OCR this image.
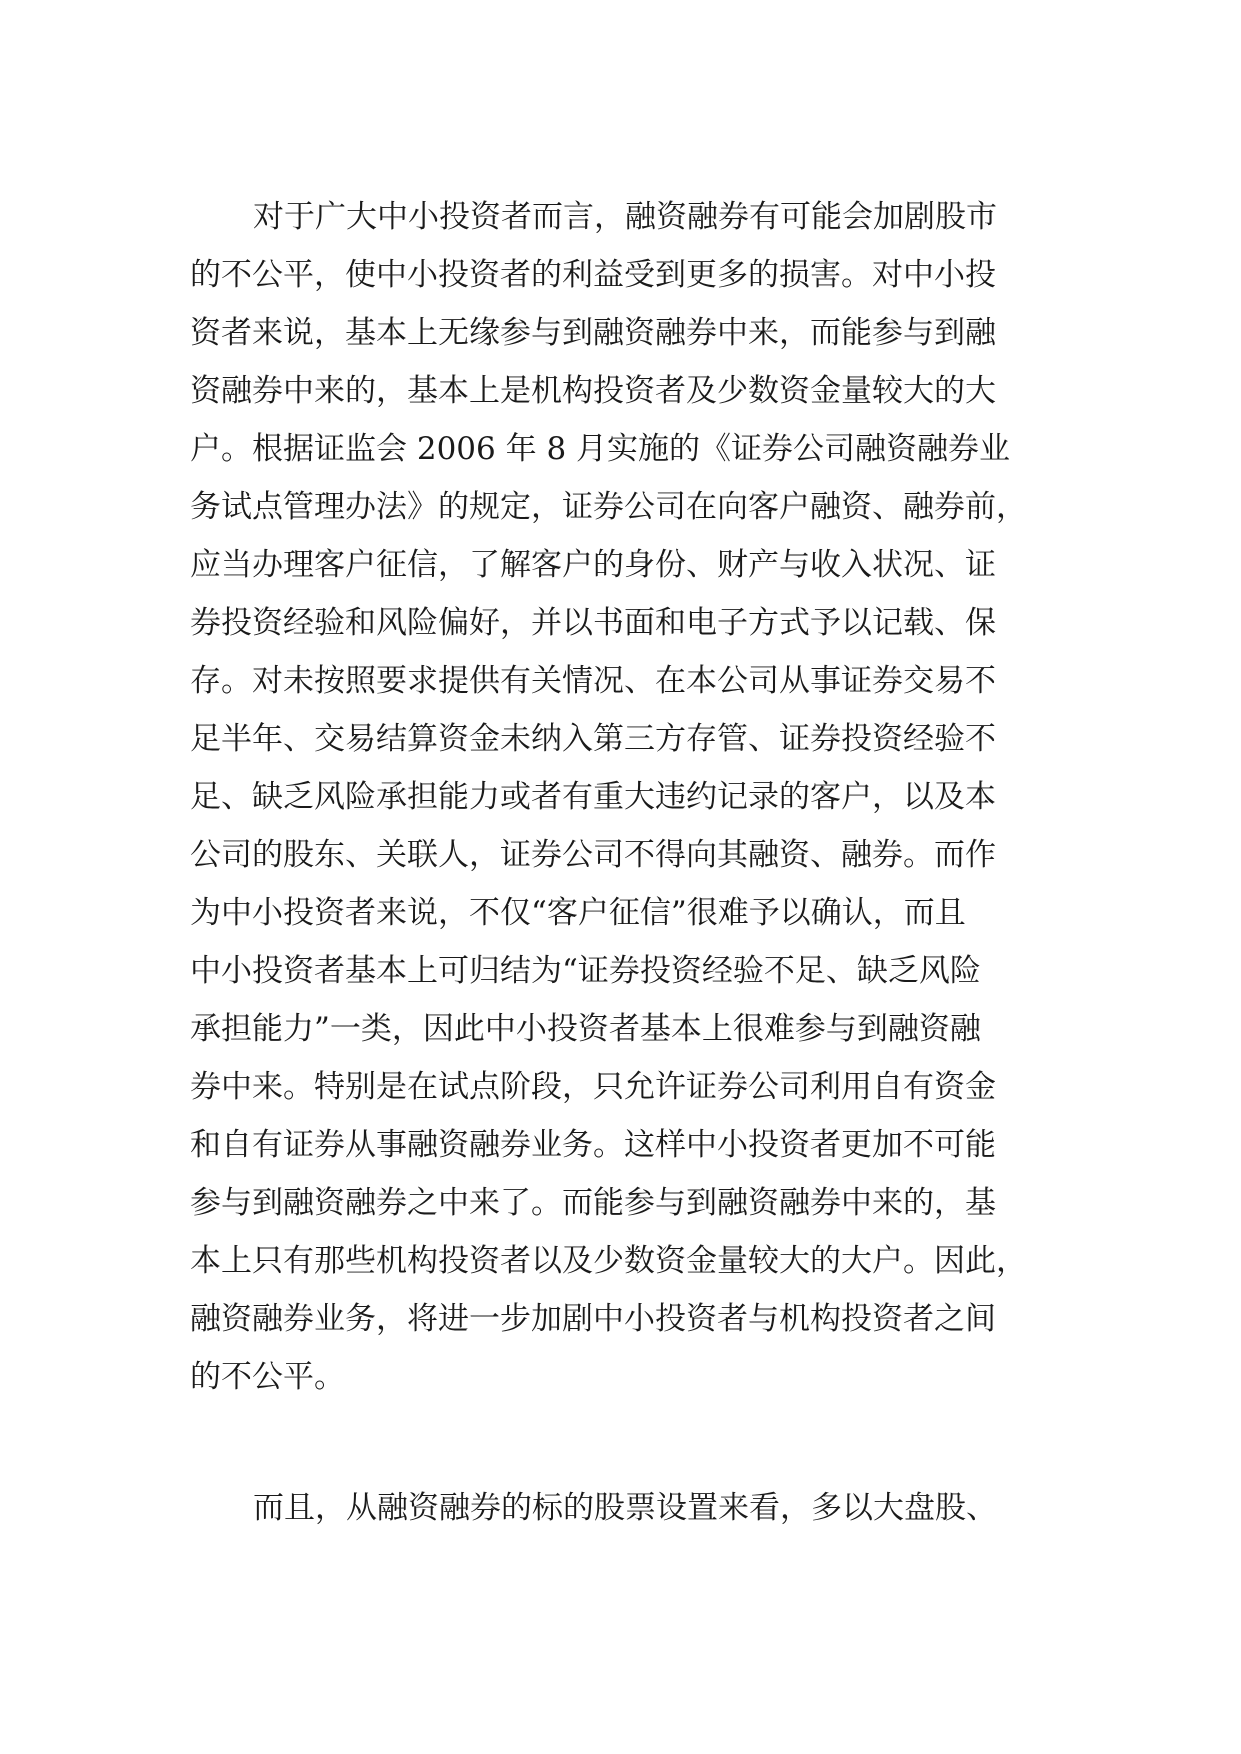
对于广大中小投资者而言，融资融券有可能会加剧股市

的不公平，使中小投资者的利益受到更多的损害。对中小投

资者来说，基本上无缘参与到融资融券中来，而能参与到融

资融券中来的，基本上是机构投资者及少数资金量较大的大

户。根据证监会 2006 年 8 月实施的《证券公司融资融券业

务试点管理办法》的规定，证券公司在向客户融资、融券前，

应当办理客户征信，了解客户的身份、财产与收入状况、证

券投资经验和风险偏好，并以书面和电子方式予以记载、保

存。对未按照要求提供有关情况、在本公司从事证券交易不

足半年、交易结算资金未纳入第三方存管、证券投资经验不

足、缺乏风险承担能力或者有重大违约记录的客户，以及本

公司的股东、关联人，证券公司不得向其融资、融券。而作

为中小投资者来说，不仅“客户征信”很难予以确认，而且

中小投资者基本上可归结为“证券投资经验不足、缺乏风险

承担能力”一类，因此中小投资者基本上很难参与到融资融

券中来。特别是在试点阶段，只允许证券公司利用自有资金

和自有证券从事融资融券业务。这样中小投资者更加不可能

参与到融资融券之中来了。而能参与到融资融券中来的，基

本上只有那些机构投资者以及少数资金量较大的大户。因此，

融资融券业务，将进一步加剧中小投资者与机构投资者之间

的不公平。

而且，从融资融券的标的股票设置来看，多以大盘股、
